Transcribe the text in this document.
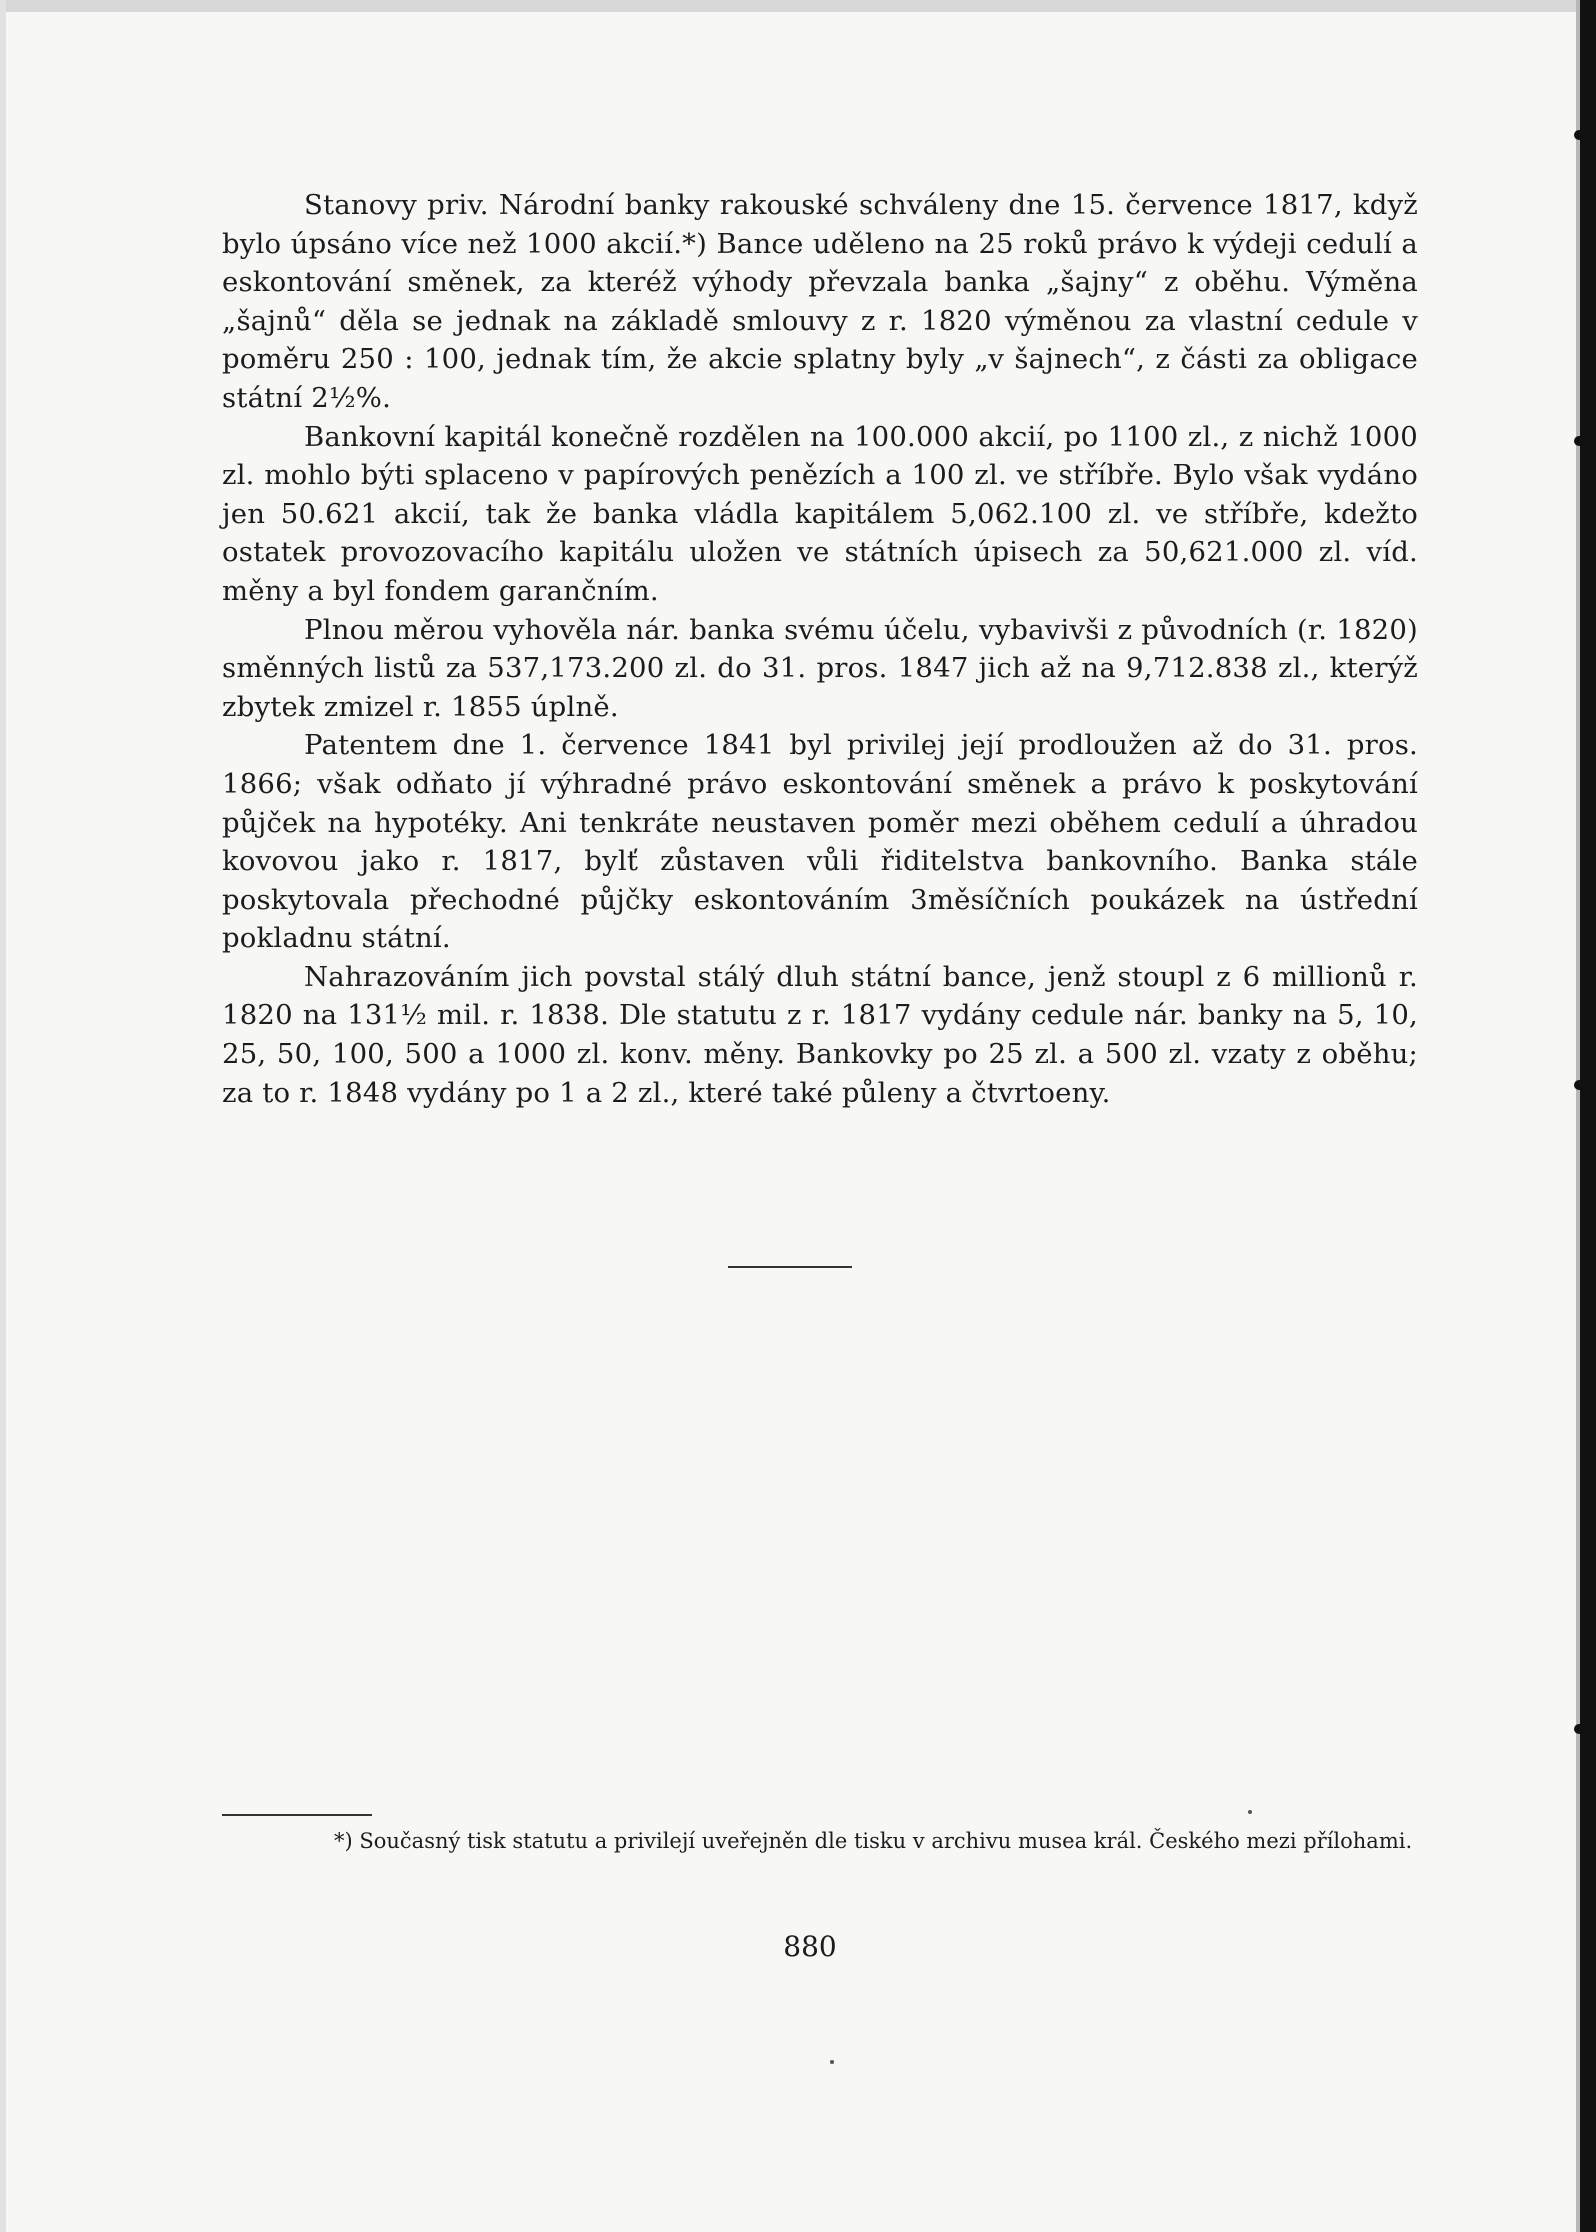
Stanovy priv. Národní banky rakouské schváleny dne 15. července 1817, když bylo úpsáno více než 1000 akcií.*) Bance uděleno na 25 roků právo k výdeji cedulí a eskontování směnek, za kteréž výhody převzala banka „šajny“ z oběhu. Výměna „šajnů“ děla se jednak na základě smlouvy z r. 1820 výměnou za vlastní cedule v poměru 250 : 100, jednak tím, že akcie splatny byly „v šajnech“, z části za obligace státní 2½%.

Bankovní kapitál konečně rozdělen na 100.000 akcií, po 1100 zl., z nichž 1000 zl. mohlo býti splaceno v papírových penězích a 100 zl. ve stříbře. Bylo však vydáno jen 50.621 akcií, tak že banka vládla kapitálem 5,062.100 zl. ve stříbře, kdežto ostatek provozovacího kapitálu uložen ve státních úpisech za 50,621.000 zl. víd. měny a byl fondem garančním.

Plnou měrou vyhověla nár. banka svému účelu, vybavivši z původních (r. 1820) směnných listů za 537,173.200 zl. do 31. pros. 1847 jich až na 9,712.838 zl., kterýž zbytek zmizel r. 1855 úplně.

Patentem dne 1. července 1841 byl privilej její prodloužen až do 31. pros. 1866; však odňato jí výhradné právo eskontování směnek a právo k poskytování půjček na hypotéky. Ani tenkráte neustaven poměr mezi oběhem cedulí a úhradou kovovou jako r. 1817, bylť zůstaven vůli řiditelstva bankovního. Banka stále poskytovala přechodné půjčky eskontováním 3měsíčních poukázek na ústřední pokladnu státní.

Nahrazováním jich povstal stálý dluh státní bance, jenž stoupl z 6 millionů r. 1820 na 131½ mil. r. 1838. Dle statutu z r. 1817 vydány cedule nár. banky na 5, 10, 25, 50, 100, 500 a 1000 zl. konv. měny. Bankovky po 25 zl. a 500 zl. vzaty z oběhu; za to r. 1848 vydány po 1 a 2 zl., které také půleny a čtvrtoeny.

*) Současný tisk statutu a privilejí uveřejněn dle tisku v archivu musea král. Českého mezi přílohami.
880
